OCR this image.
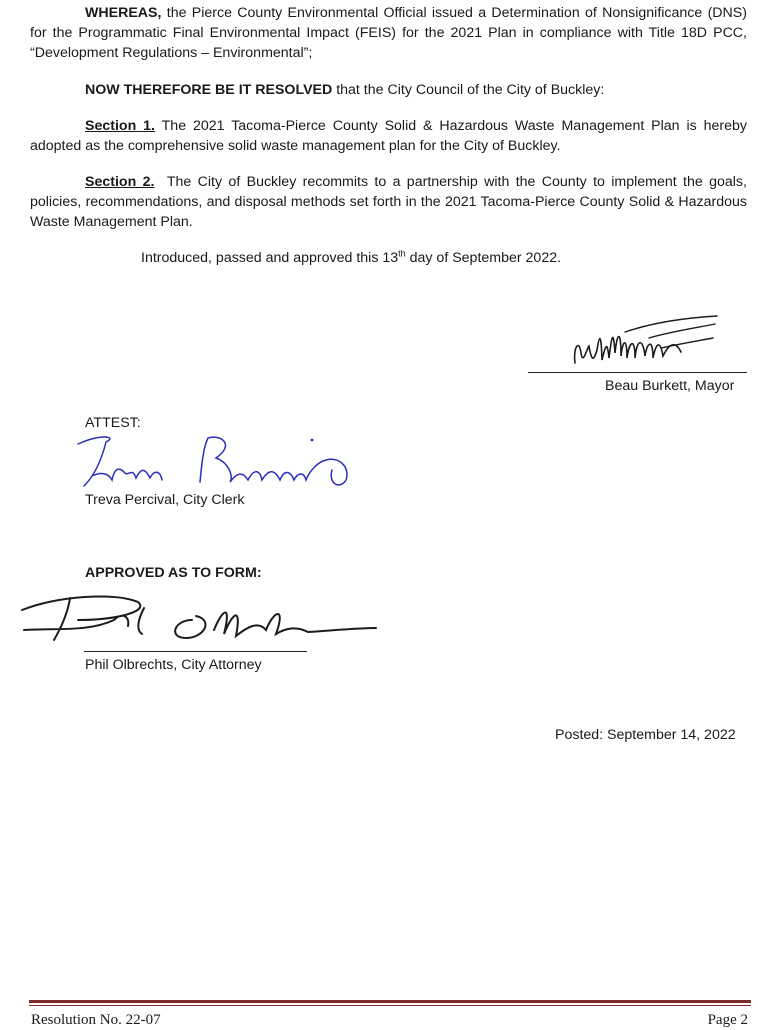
WHEREAS, the Pierce County Environmental Official issued a Determination of Nonsignificance (DNS) for the Programmatic Final Environmental Impact (FEIS) for the 2021 Plan in compliance with Title 18D PCC, “Development Regulations – Environmental”;

NOW THEREFORE BE IT RESOLVED that the City Council of the City of Buckley:

Section 1. The 2021 Tacoma-Pierce County Solid & Hazardous Waste Management Plan is hereby adopted as the comprehensive solid waste management plan for the City of Buckley.

Section 2. The City of Buckley recommits to a partnership with the County to implement the goals, policies, recommendations, and disposal methods set forth in the 2021 Tacoma-Pierce County Solid & Hazardous Waste Management Plan.

Introduced, passed and approved this 13th day of September 2022.

Beau Burkett, Mayor

ATTEST:

Treva Percival, City Clerk

APPROVED AS TO FORM:

Phil Olbrechts, City Attorney

Posted: September 14, 2022

Resolution No. 22-07	Page 2
